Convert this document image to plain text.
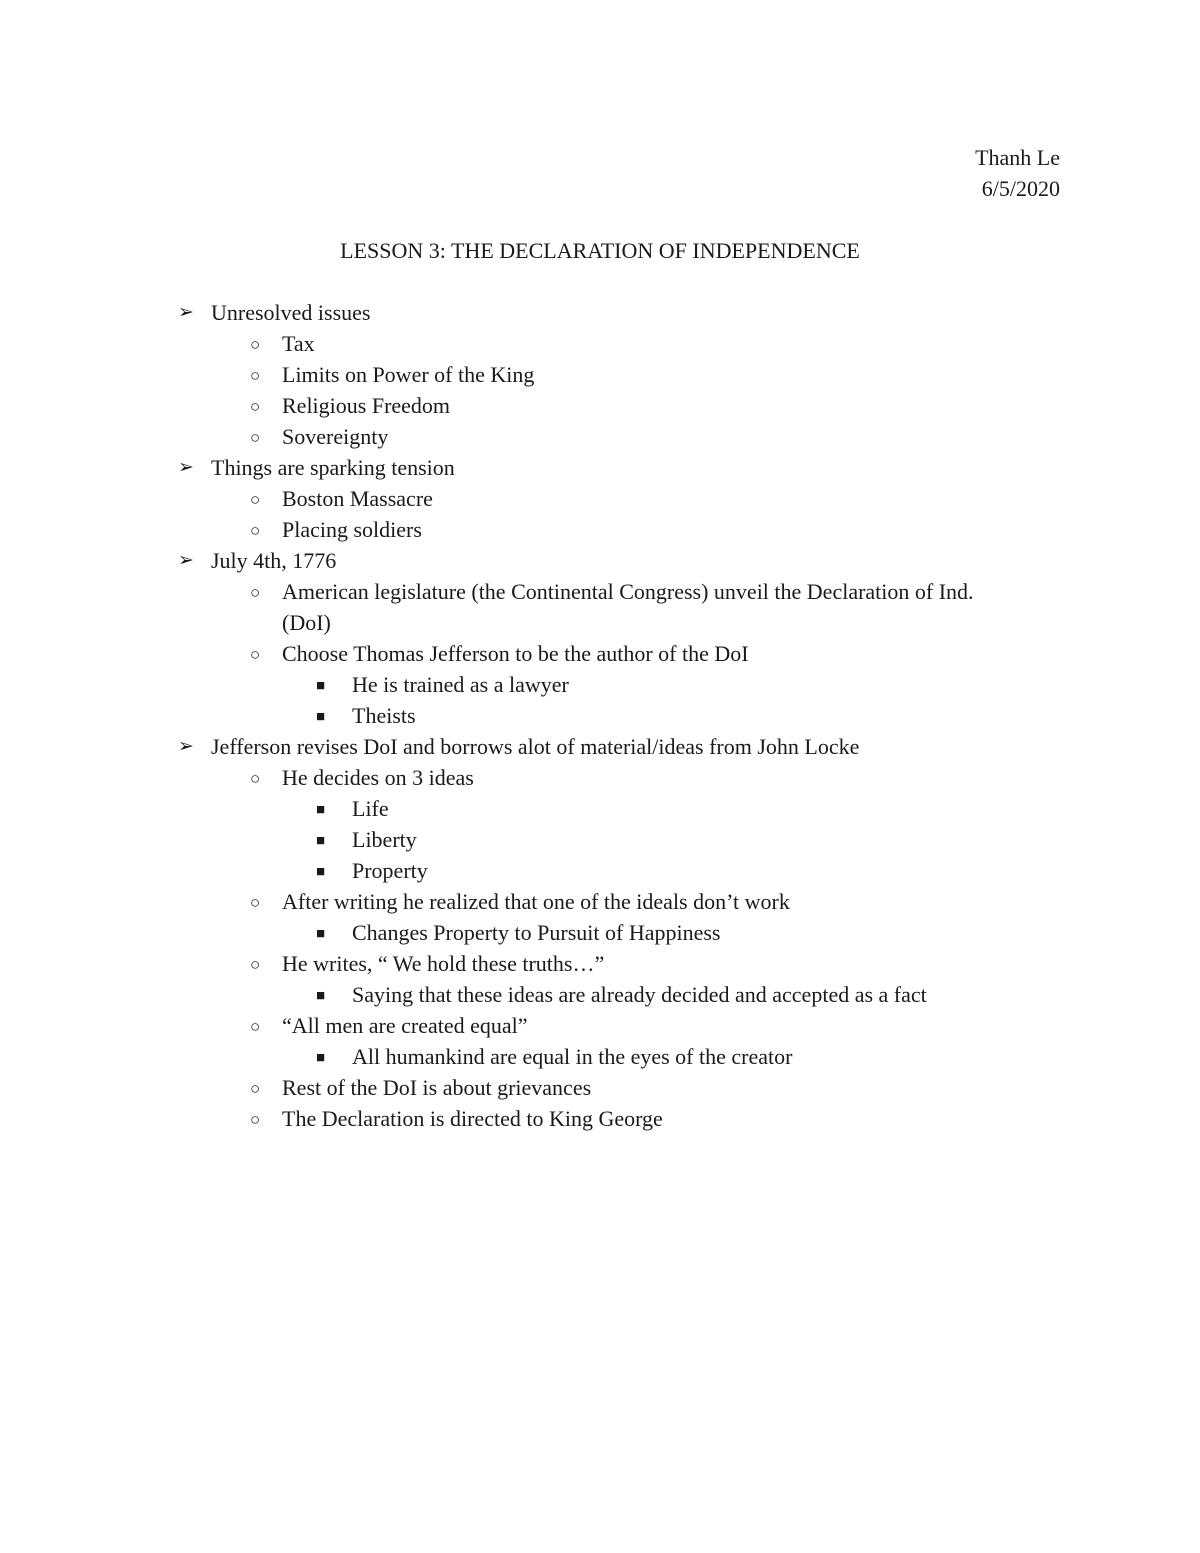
Thanh Le
6/5/2020
LESSON 3: THE DECLARATION OF INDEPENDENCE
➢ Unresolved issues
○ Tax
○ Limits on Power of the King
○ Religious Freedom
○ Sovereignty
➢ Things are sparking tension
○ Boston Massacre
○ Placing soldiers
➢ July 4th, 1776
○ American legislature (the Continental Congress) unveil the Declaration of Ind.
(DoI)
○ Choose Thomas Jefferson to be the author of the DoI
■ He is trained as a lawyer
■ Theists
➢ Jefferson revises DoI and borrows alot of material/ideas from John Locke
○ He decides on 3 ideas
■ Life
■ Liberty
■ Property
○ After writing he realized that one of the ideals don’t work
■ Changes Property to Pursuit of Happiness
○ He writes, “ We hold these truths…”
■ Saying that these ideas are already decided and accepted as a fact
○ “All men are created equal”
■ All humankind are equal in the eyes of the creator
○ Rest of the DoI is about grievances
○ The Declaration is directed to King George
